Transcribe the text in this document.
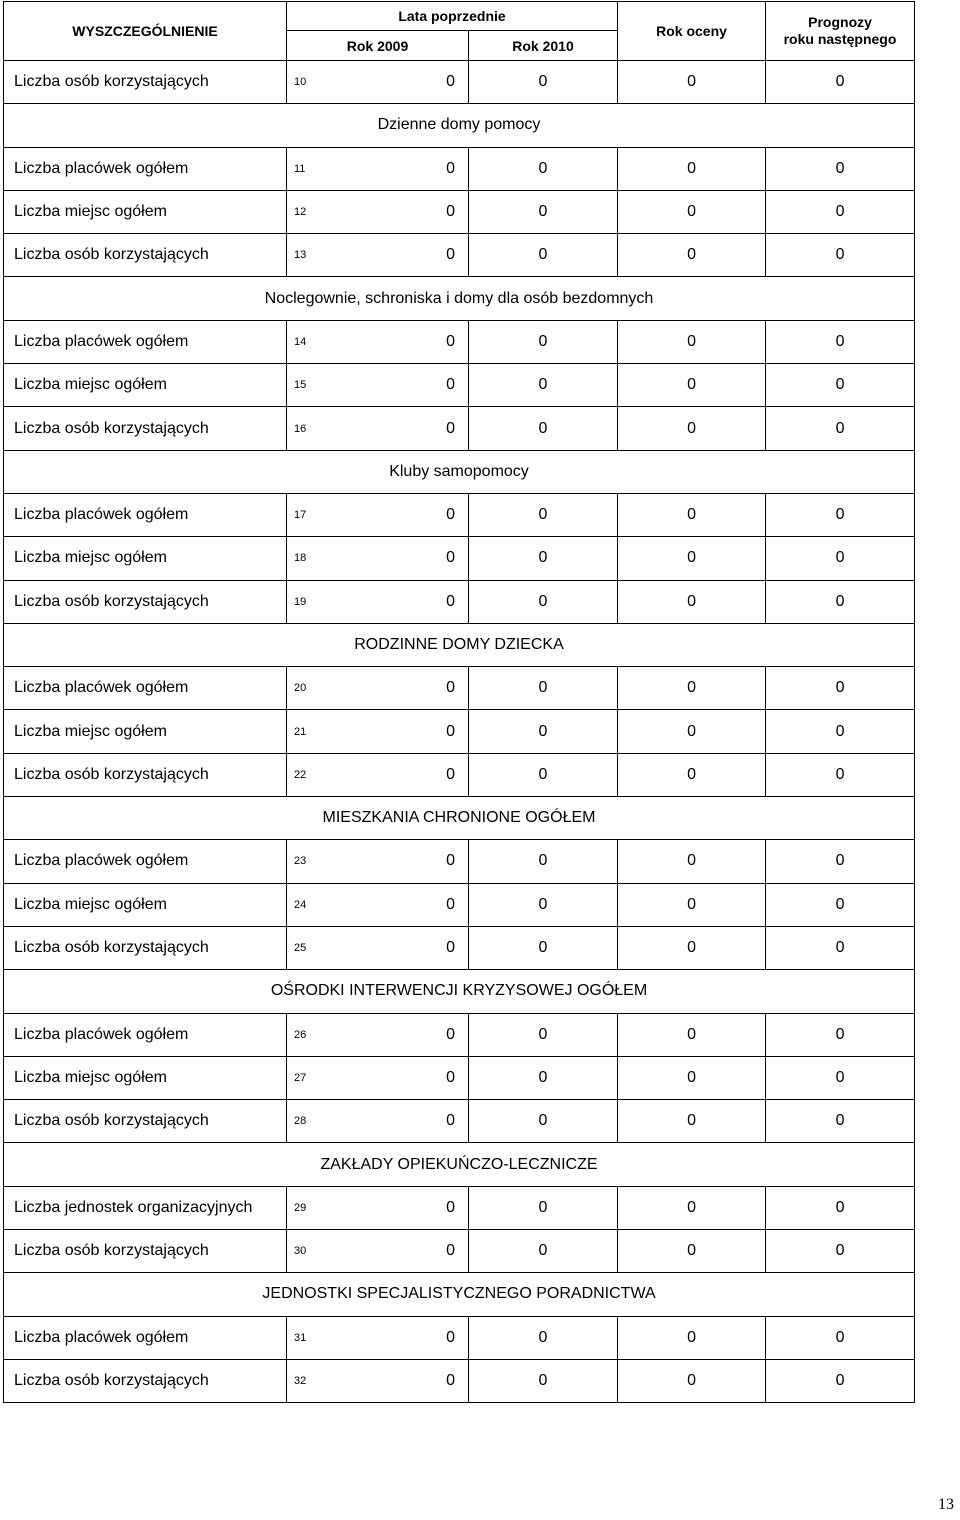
WYSZCZEGÓLNIENIE	Lata poprzednie		Rok oceny	Prognozy
roku następnego
	Rok 2009	Rok 2010		
Liczba osób korzystających	10 0	0	0	0
Dzienne domy pomocy				
Liczba placówek ogółem	11 0	0	0	0
Liczba miejsc ogółem	12 0	0	0	0
Liczba osób korzystających	13 0	0	0	0
Noclegownie, schroniska i domy dla osób bezdomnych				
Liczba placówek ogółem	14 0	0	0	0
Liczba miejsc ogółem	15 0	0	0	0
Liczba osób korzystających	16 0	0	0	0
Kluby samopomocy				
Liczba placówek ogółem	17 0	0	0	0
Liczba miejsc ogółem	18 0	0	0	0
Liczba osób korzystających	19 0	0	0	0
RODZINNE DOMY DZIECKA				
Liczba placówek ogółem	20 0	0	0	0
Liczba miejsc ogółem	21 0	0	0	0
Liczba osób korzystających	22 0	0	0	0
MIESZKANIA CHRONIONE OGÓŁEM				
Liczba placówek ogółem	23 0	0	0	0
Liczba miejsc ogółem	24 0	0	0	0
Liczba osób korzystających	25 0	0	0	0
OŚRODKI INTERWENCJI KRYZYSOWEJ OGÓŁEM				
Liczba placówek ogółem	26 0	0	0	0
Liczba miejsc ogółem	27 0	0	0	0
Liczba osób korzystających	28 0	0	0	0
ZAKŁADY OPIEKUŃCZO-LECZNICZE				
Liczba jednostek organizacyjnych	29 0	0	0	0
Liczba osób korzystających	30 0	0	0	0
JEDNOSTKI SPECJALISTYCZNEGO PORADNICTWA				
Liczba placówek ogółem	31 0	0	0	0
Liczba osób korzystających	32 0	0	0	0
13
